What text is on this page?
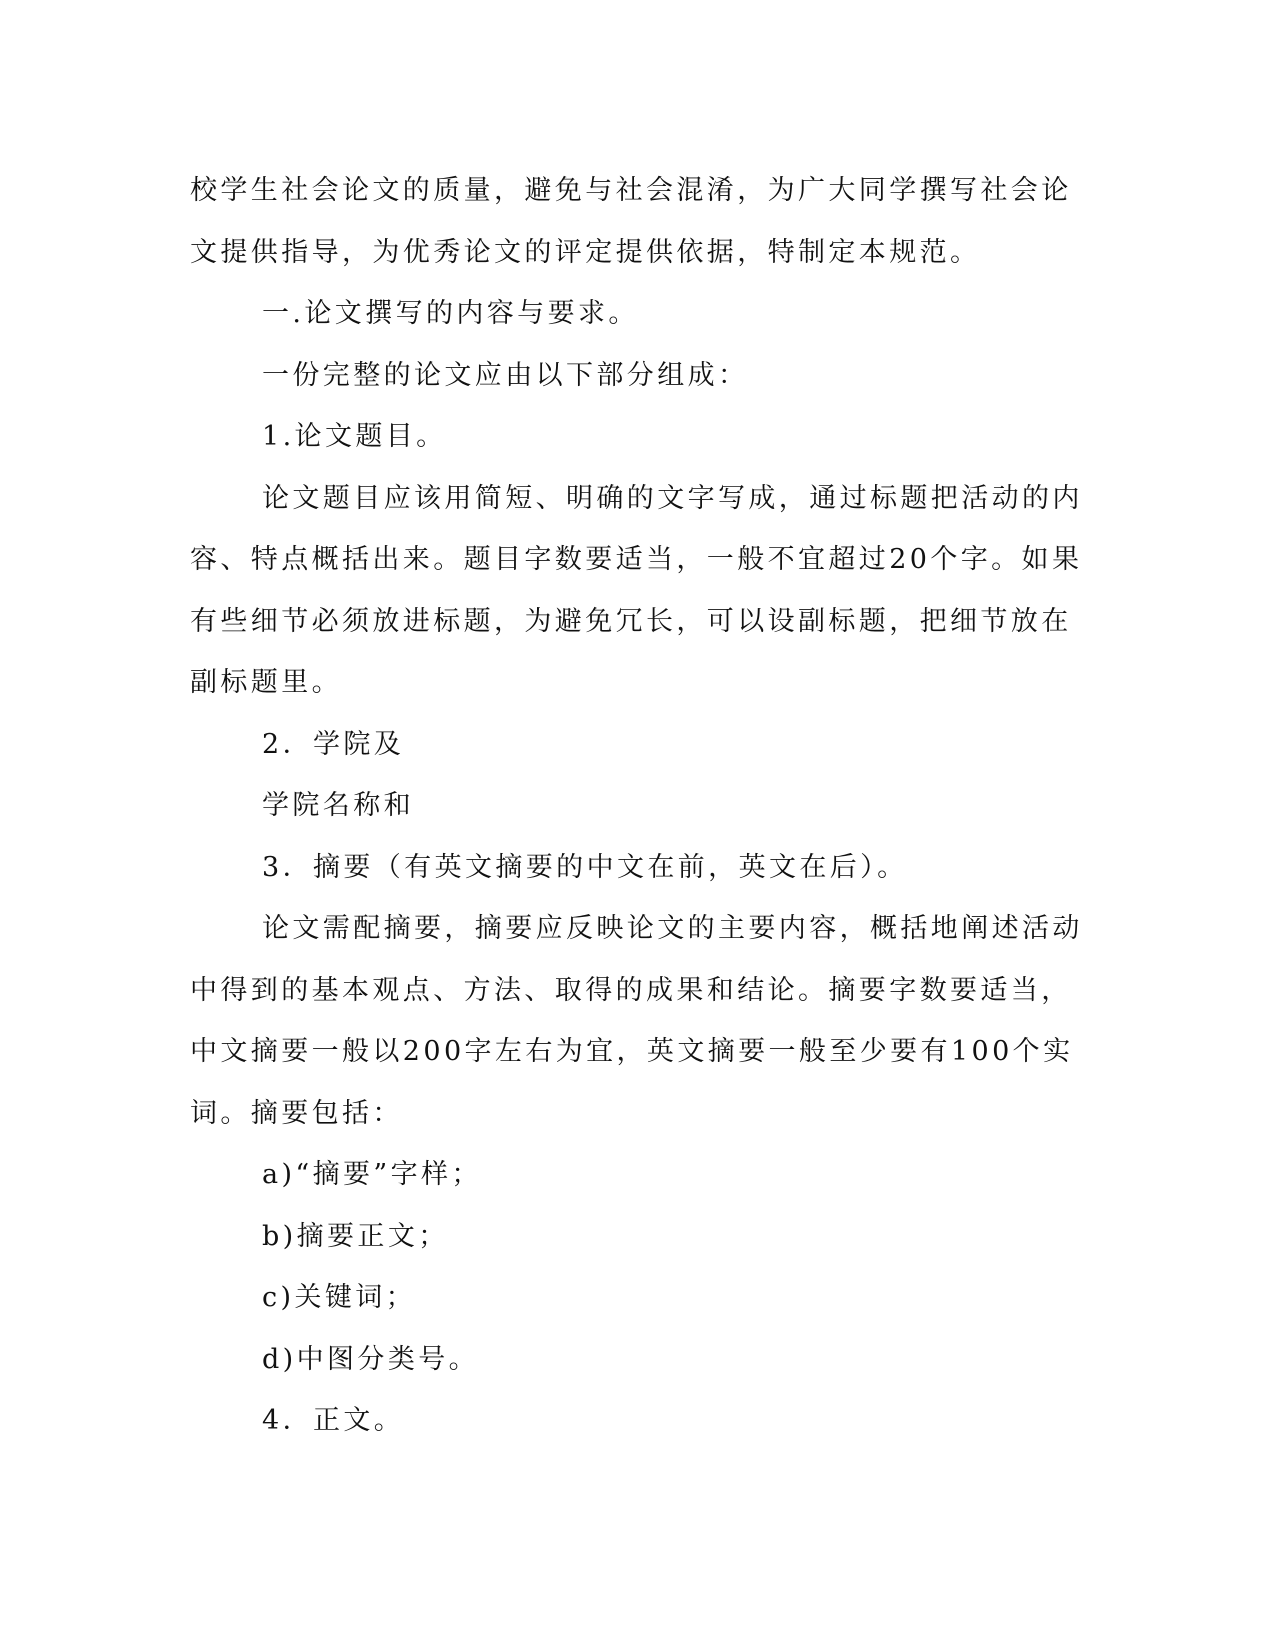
校学生社会论文的质量，避免与社会混淆，为广大同学撰写社会论文提供指导，为优秀论文的评定提供依据，特制定本规范。

一.论文撰写的内容与要求。

一份完整的论文应由以下部分组成：

1.论文题目。

论文题目应该用简短、明确的文字写成，通过标题把活动的内容、特点概括出来。题目字数要适当，一般不宜超过20个字。如果有些细节必须放进标题，为避免冗长，可以设副标题，把细节放在副标题里。

2．学院及

学院名称和

3．摘要（有英文摘要的中文在前，英文在后）。

论文需配摘要，摘要应反映论文的主要内容，概括地阐述活动中得到的基本观点、方法、取得的成果和结论。摘要字数要适当，中文摘要一般以200字左右为宜，英文摘要一般至少要有100个实词。摘要包括：

a)“摘要”字样；

b)摘要正文；

c)关键词；

d)中图分类号。

4．正文。
